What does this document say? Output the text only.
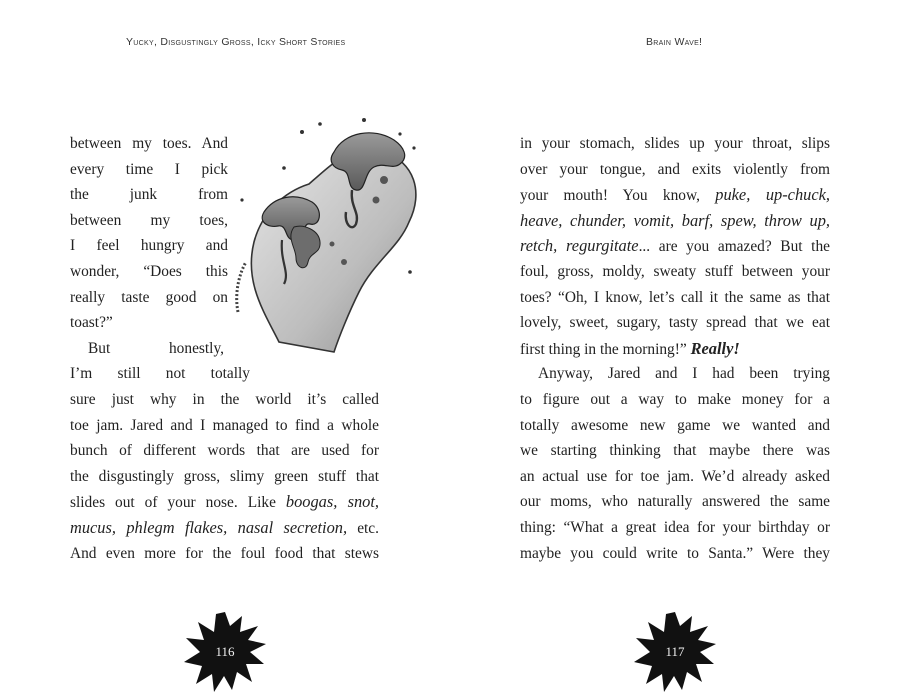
Yucky, Disgustingly Gross, Icky Short Stories
between my toes. And
every time I pick
the junk from
between my toes,
I feel hungry and
wonder, “Does this
really taste good on
toast?”
But honestly,
I’m still not totally
sure just why in the world it’s called
toe jam. Jared and I managed to find a whole
bunch of different words that are used for
the disgustingly gross, slimy green stuff that
slides out of your nose. Like boogas, snot,
mucus, phlegm flakes, nasal secretion, etc.
And even more for the foul food that stews
116
Brain Wave!
in your stomach, slides up your throat, slips
over your tongue, and exits violently from
your mouth! You know, puke, up-chuck,
heave, chunder, vomit, barf, spew, throw up,
retch, regurgitate... are you amazed? But the
foul, gross, moldy, sweaty stuff between your
toes? “Oh, I know, let’s call it the same as that
lovely, sweet, sugary, tasty spread that we eat
first thing in the morning!” Really!
Anyway, Jared and I had been trying
to figure out a way to make money for a
totally awesome new game we wanted and
we starting thinking that maybe there was
an actual use for toe jam. We’d already asked
our moms, who naturally answered the same
thing: “What a great idea for your birthday or
maybe you could write to Santa.” Were they
117
